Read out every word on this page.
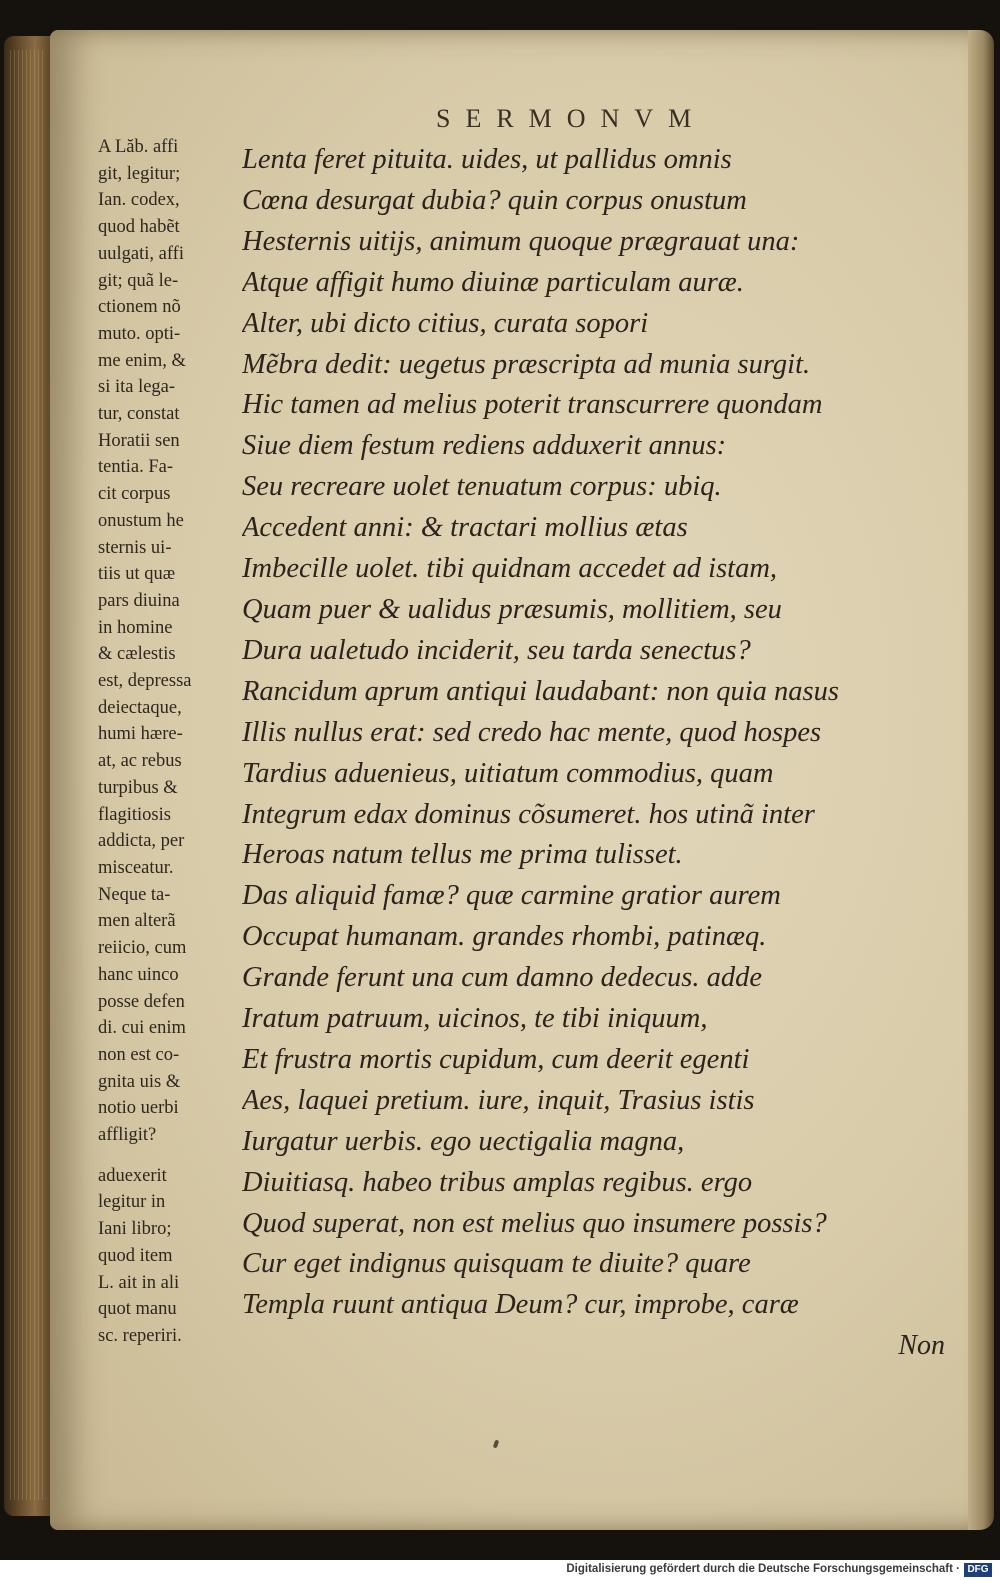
SERMONVM
A Lăb. affi
git, legitur;
Ian. codex,
quod habẽt
uulgati, affi
git; quã le-
ctionem nõ
muto. opti-
me enim, &
si ita lega-
tur, constat
Horatii sen
tentia. Fa-
cit corpus
onustum he
sternis ui-
tiis ut quæ
pars diuina
in homine
& cælestis
est, depressa
deiectaque,
humi hære-
at, ac rebus
turpibus &
flagitiosis
addicta, per
misceatur.
Neque ta-
men alterã
reiicio, cum
hanc uinco
posse defen
di. cui enim
non est co-
gnita uis &
notio uerbi
affligit?
aduexerit
legitur in
Iani libro;
quod item
L. ait in ali
quot manu
sc. reperiri.
Lenta feret pituita. uides, ut pallidus omnis
Cœna desurgat dubia? quin corpus onustum
Hesternis uitijs, animum quoque prægrauat una:
Atque affigit humo diuinæ particulam auræ.
Alter, ubi dicto citius, curata sopori
Mẽbra dedit: uegetus præscripta ad munia surgit.
Hic tamen ad melius poterit transcurrere quondam
Siue diem festum rediens adduxerit annus:
Seu recreare uolet tenuatum corpus: ubiq.
Accedent anni: & tractari mollius ætas
Imbecille uolet. tibi quidnam accedet ad istam,
Quam puer & ualidus præsumis, mollitiem, seu
Dura ualetudo inciderit, seu tarda senectus?
Rancidum aprum antiqui laudabant: non quia nasus
Illis nullus erat: sed credo hac mente, quod hospes
Tardius aduenieus, uitiatum commodius, quam
Integrum edax dominus cõsumeret. hos utinã inter
Heroas natum tellus me prima tulisset.
Das aliquid famæ? quæ carmine gratior aurem
Occupat humanam. grandes rhombi, patinæq.
Grande ferunt una cum damno dedecus. adde
Iratum patruum, uicinos, te tibi iniquum,
Et frustra mortis cupidum, cum deerit egenti
Aes, laquei pretium. iure, inquit, Trasius istis
Iurgatur uerbis. ego uectigalia magna,
Diuitiasq. habeo tribus amplas regibus. ergo
Quod superat, non est melius quo insumere possis?
Cur eget indignus quisquam te diuite? quare
Templa ruunt antiqua Deum? cur, improbe, caræ
Non
Digitalisierung gefördert durch die Deutsche Forschungsgemeinschaft · DFG
